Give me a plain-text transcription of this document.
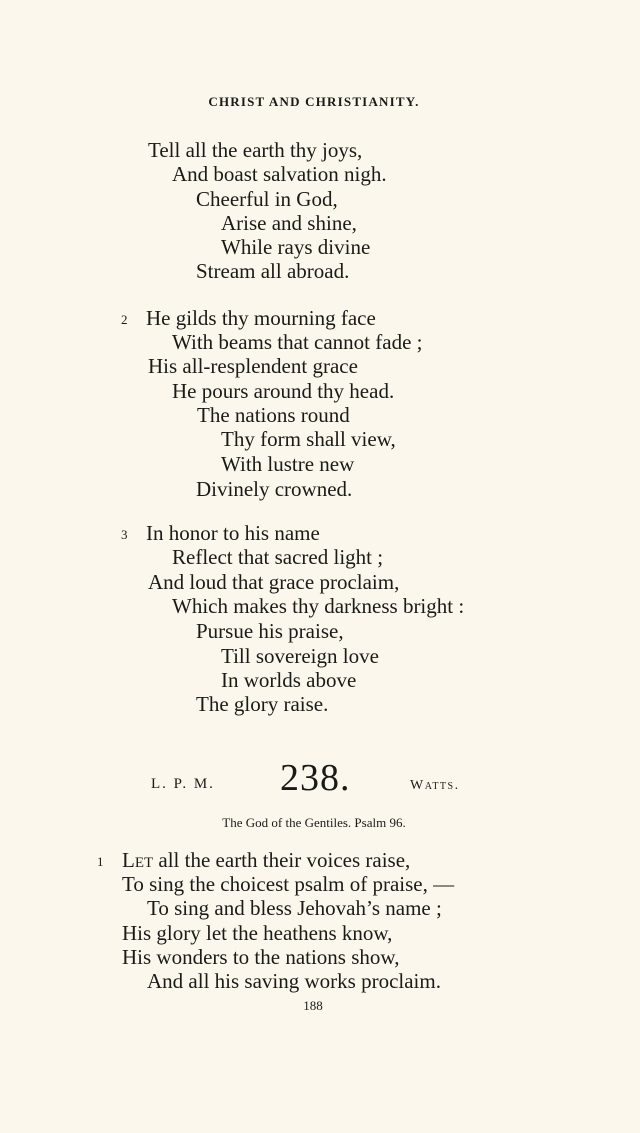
CHRIST AND CHRISTIANITY.
Tell all the earth thy joys,
And boast salvation nigh.
Cheerful in God,
Arise and shine,
While rays divine
Stream all abroad.
2 He gilds thy mourning face
With beams that cannot fade ;
His all-resplendent grace
He pours around thy head.
The nations round
Thy form shall view,
With lustre new
Divinely crowned.
3 In honor to his name
Reflect that sacred light ;
And loud that grace proclaim,
Which makes thy darkness bright :
Pursue his praise,
Till sovereign love
In worlds above
The glory raise.
L. P. M. 238.	Watts.
The God of the Gentiles. Psalm 96.
1 Let all the earth their voices raise,
To sing the choicest psalm of praise, —
To sing and bless Jehovah’s name ;
His glory let the heathens know,
His wonders to the nations show,
And all his saving works proclaim.
188
